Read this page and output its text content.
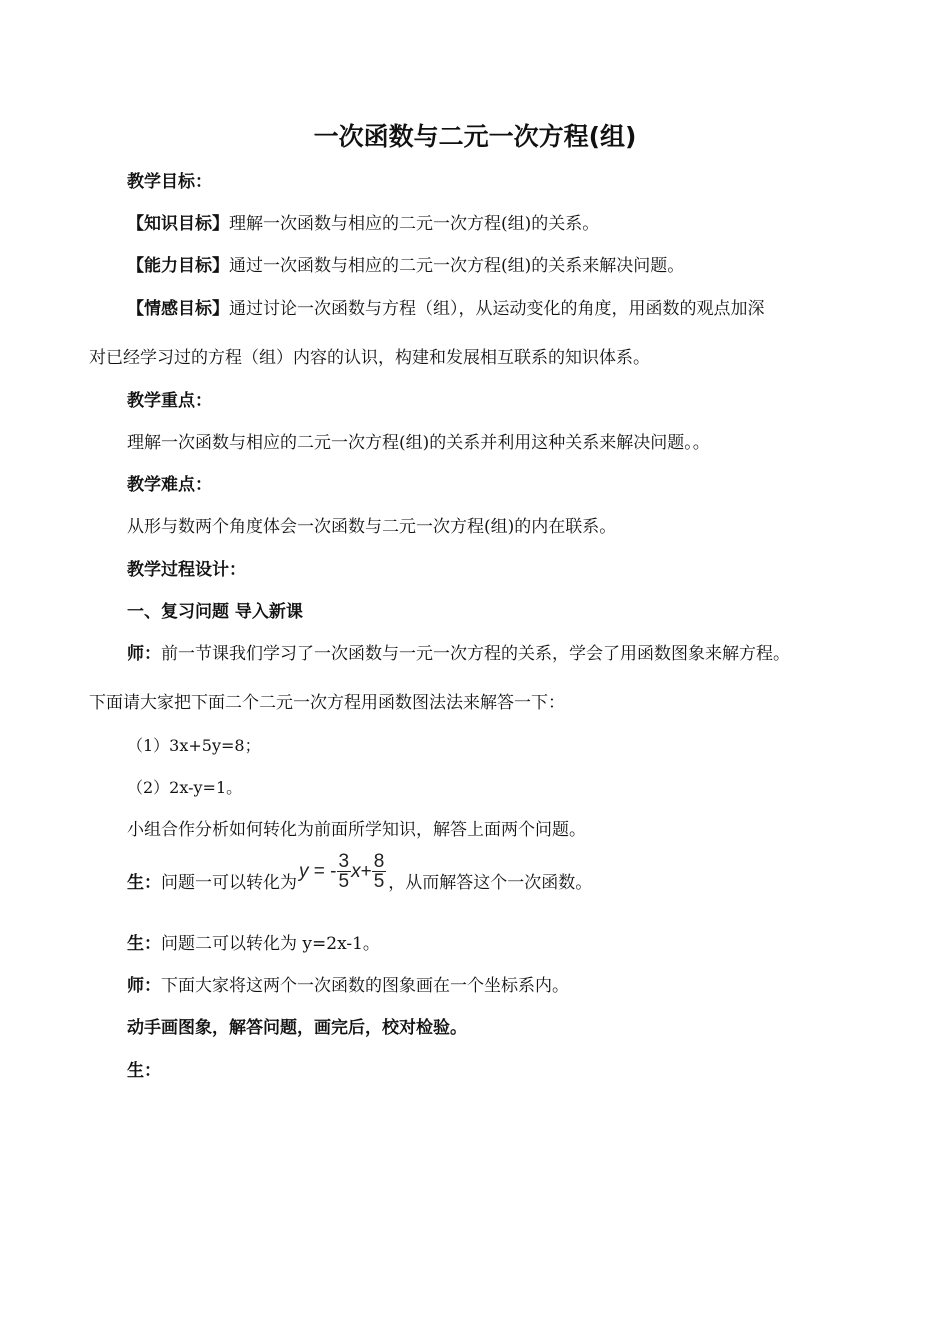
一次函数与二元一次方程(组)
教学目标：
【知识目标】理解一次函数与相应的二元一次方程(组)的关系。
【能力目标】通过一次函数与相应的二元一次方程(组)的关系来解决问题。
【情感目标】通过讨论一次函数与方程（组），从运动变化的角度，用函数的观点加深
对已经学习过的方程（组）内容的认识，构建和发展相互联系的知识体系。
教学重点：
理解一次函数与相应的二元一次方程(组)的关系并利用这种关系来解决问题。。
教学难点：
从形与数两个角度体会一次函数与二元一次方程(组)的内在联系。
教学过程设计：
一、复习问题 导入新课
师：前一节课我们学习了一次函数与一元一次方程的关系，学会了用函数图象来解方程。
下面请大家把下面二个二元一次方程用函数图法法来解答一下：
（1）3x+5y=8；
（2）2x-y=1。
小组合作分析如何转化为前面所学知识，解答上面两个问题。
生：问题一可以转化为y = - $\frac{3}{5} x+ \frac{8}{5}$ ，从而解答这个一次函数。
生：问题二可以转化为 y=2x-1。
师：下面大家将这两个一次函数的图象画在一个坐标系内。
动手画图象，解答问题，画完后，校对检验。
生：
